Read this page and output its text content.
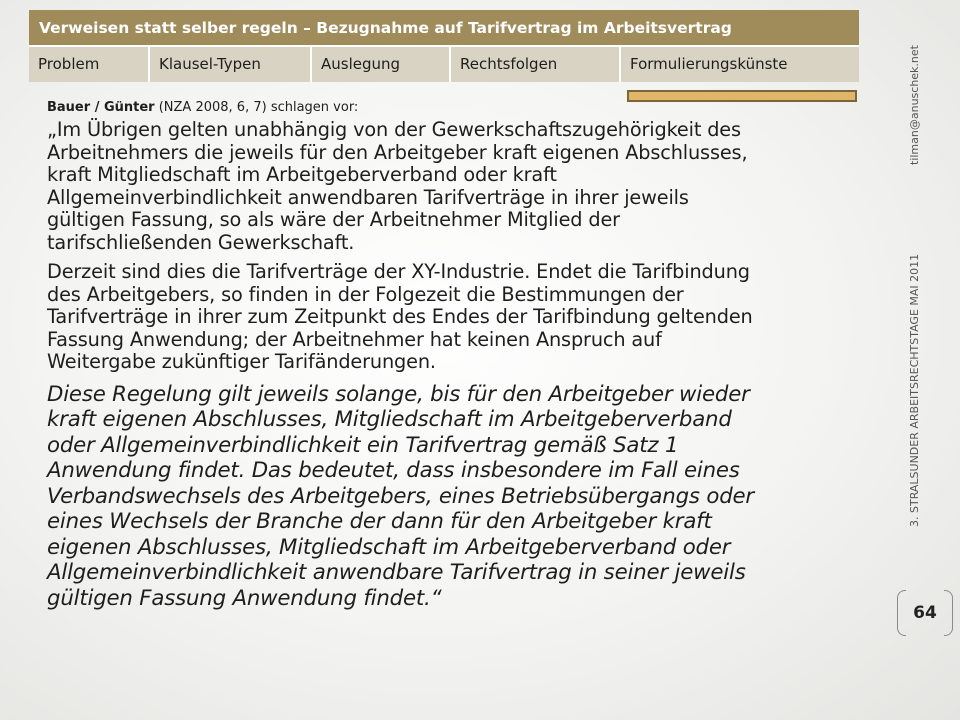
Verweisen statt selber regeln – Bezugnahme auf Tarifvertrag im Arbeitsvertrag
Problem	Klausel-Typen	Auslegung	Rechtsfolgen	Formulierungskünste

Bauer / Günter (NZA 2008, 6, 7) schlagen vor:

„Im Übrigen gelten unabhängig von der Gewerkschaftszugehörigkeit des
Arbeitnehmers die jeweils für den Arbeitgeber kraft eigenen Abschlusses,
kraft Mitgliedschaft im Arbeitgeberverband oder kraft
Allgemeinverbindlichkeit anwendbaren Tarifverträge in ihrer jeweils
gültigen Fassung, so als wäre der Arbeitnehmer Mitglied der
tarifschließenden Gewerkschaft.

Derzeit sind dies die Tarifverträge der XY-Industrie. Endet die Tarifbindung
des Arbeitgebers, so finden in der Folgezeit die Bestimmungen der
Tarifverträge in ihrer zum Zeitpunkt des Endes der Tarifbindung geltenden
Fassung Anwendung; der Arbeitnehmer hat keinen Anspruch auf
Weitergabe zukünftiger Tarifänderungen.

Diese Regelung gilt jeweils solange, bis für den Arbeitgeber wieder
kraft eigenen Abschlusses, Mitgliedschaft im Arbeitgeberverband
oder Allgemeinverbindlichkeit ein Tarifvertrag gemäß Satz 1
Anwendung findet. Das bedeutet, dass insbesondere im Fall eines
Verbandswechsels des Arbeitgebers, eines Betriebsübergangs oder
eines Wechsels der Branche der dann für den Arbeitgeber kraft
eigenen Abschlusses, Mitgliedschaft im Arbeitgeberverband oder
Allgemeinverbindlichkeit anwendbare Tarifvertrag in seiner jeweils
gültigen Fassung Anwendung findet.“

tilman@anuschek.net
3. STRALSUNDER ARBEITSRECHTSTAGE MAI 2011
64
